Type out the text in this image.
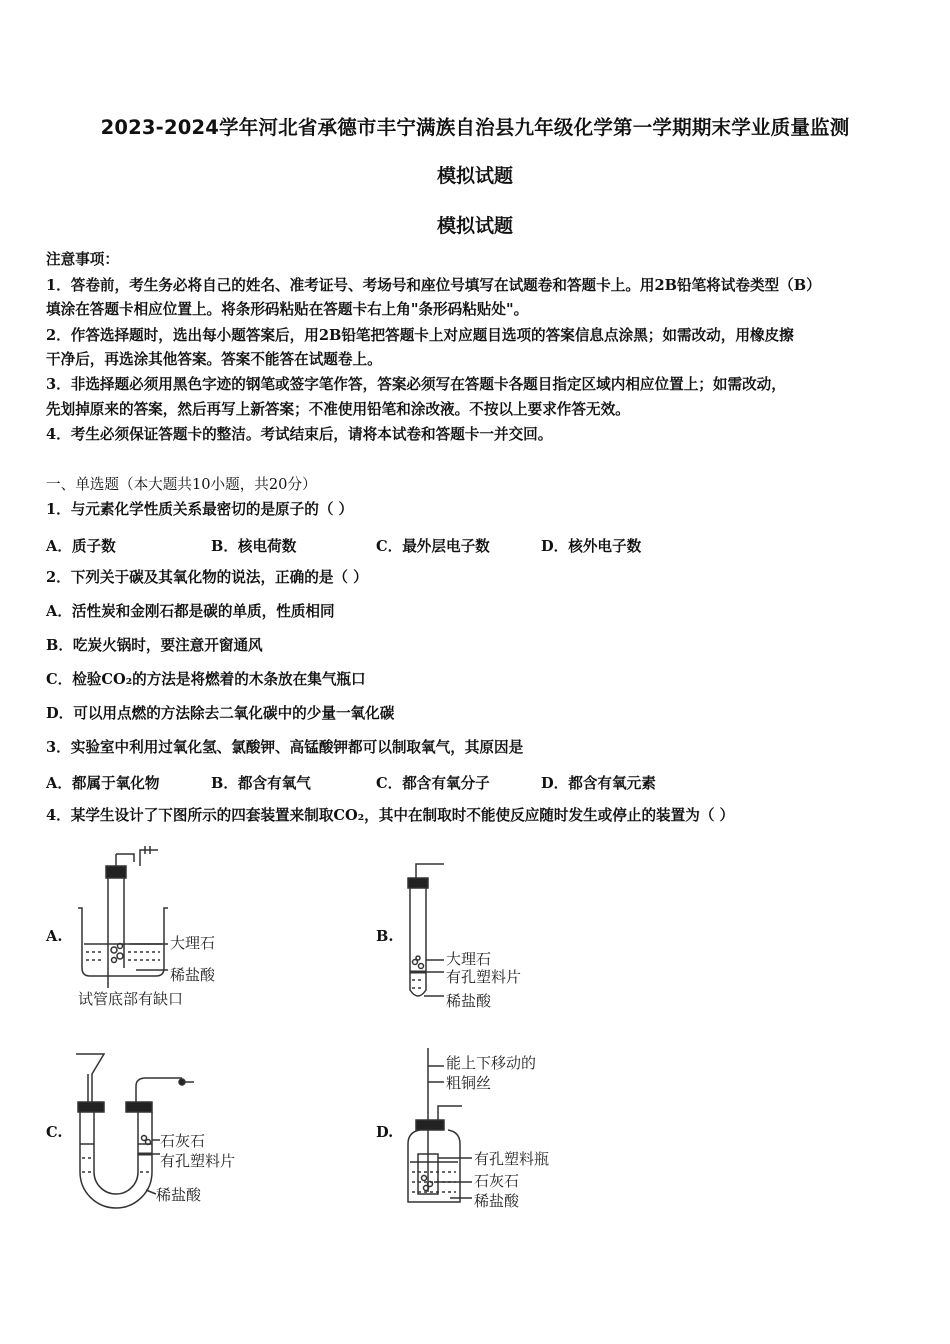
2023-2024学年河北省承德市丰宁满族自治县九年级化学第一学期期末学业质量监测
模拟试题
模拟试题
注意事项：
1．答卷前，考生务必将自己的姓名、准考证号、考场号和座位号填写在试题卷和答题卡上。用2B铅笔将试卷类型（B）
填涂在答题卡相应位置上。将条形码粘贴在答题卡右上角"条形码粘贴处"。
2．作答选择题时，选出每小题答案后，用2B铅笔把答题卡上对应题目选项的答案信息点涂黑；如需改动，用橡皮擦
干净后，再选涂其他答案。答案不能答在试题卷上。
3．非选择题必须用黑色字迹的钢笔或签字笔作答，答案必须写在答题卡各题目指定区域内相应位置上；如需改动，
先划掉原来的答案，然后再写上新答案；不准使用铅笔和涂改液。不按以上要求作答无效。
4．考生必须保证答题卡的整洁。考试结束后，请将本试卷和答题卡一并交回。
一、单选题（本大题共10小题，共20分）
1．与元素化学性质关系最密切的是原子的（ ）
A．质子数	B．核电荷数	C．最外层电子数	D．核外电子数
2．下列关于碳及其氧化物的说法，正确的是（ ）
A．活性炭和金刚石都是碳的单质，性质相同
B．吃炭火锅时，要注意开窗通风
C．检验CO₂的方法是将燃着的木条放在集气瓶口
D．可以用点燃的方法除去二氧化碳中的少量一氧化碳
3．实验室中利用过氧化氢、氯酸钾、高锰酸钾都可以制取氧气，其原因是
A．都属于氧化物	B．都含有氧气	C．都含有氧分子	D．都含有氧元素
4．某学生设计了下图所示的四套装置来制取CO₂，其中在制取时不能使反应随时发生或停止的装置为（ ）
A.	B.
C.	D.
大理石
稀盐酸
试管底部有缺口
大理石
有孔塑料片
稀盐酸
石灰石
有孔塑料片
稀盐酸
能上下移动的
粗铜丝
有孔塑料瓶
石灰石
稀盐酸
